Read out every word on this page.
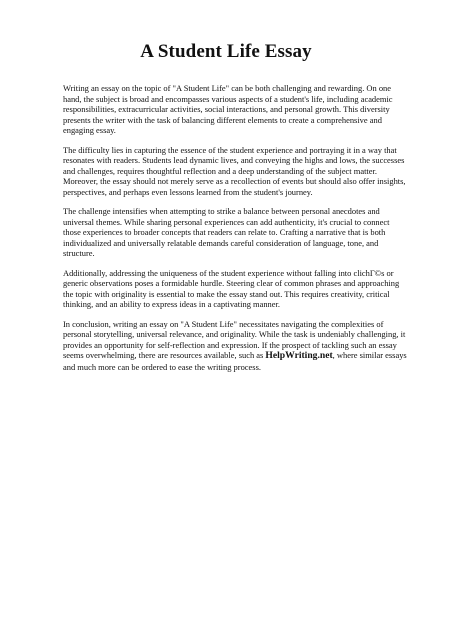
A Student Life Essay

Writing an essay on the topic of "A Student Life" can be both challenging and rewarding. On one hand, the subject is broad and encompasses various aspects of a student's life, including academic responsibilities, extracurricular activities, social interactions, and personal growth. This diversity presents the writer with the task of balancing different elements to create a comprehensive and engaging essay.

The difficulty lies in capturing the essence of the student experience and portraying it in a way that resonates with readers. Students lead dynamic lives, and conveying the highs and lows, the successes and challenges, requires thoughtful reflection and a deep understanding of the subject matter. Moreover, the essay should not merely serve as a recollection of events but should also offer insights, perspectives, and perhaps even lessons learned from the student's journey.

The challenge intensifies when attempting to strike a balance between personal anecdotes and universal themes. While sharing personal experiences can add authenticity, it's crucial to connect those experiences to broader concepts that readers can relate to. Crafting a narrative that is both individualized and universally relatable demands careful consideration of language, tone, and structure.

Additionally, addressing the uniqueness of the student experience without falling into clichГ©s or generic observations poses a formidable hurdle. Steering clear of common phrases and approaching the topic with originality is essential to make the essay stand out. This requires creativity, critical thinking, and an ability to express ideas in a captivating manner.

In conclusion, writing an essay on "A Student Life" necessitates navigating the complexities of personal storytelling, universal relevance, and originality. While the task is undeniably challenging, it provides an opportunity for self-reflection and expression. If the prospect of tackling such an essay seems overwhelming, there are resources available, such as HelpWriting.net, where similar essays and much more can be ordered to ease the writing process.
